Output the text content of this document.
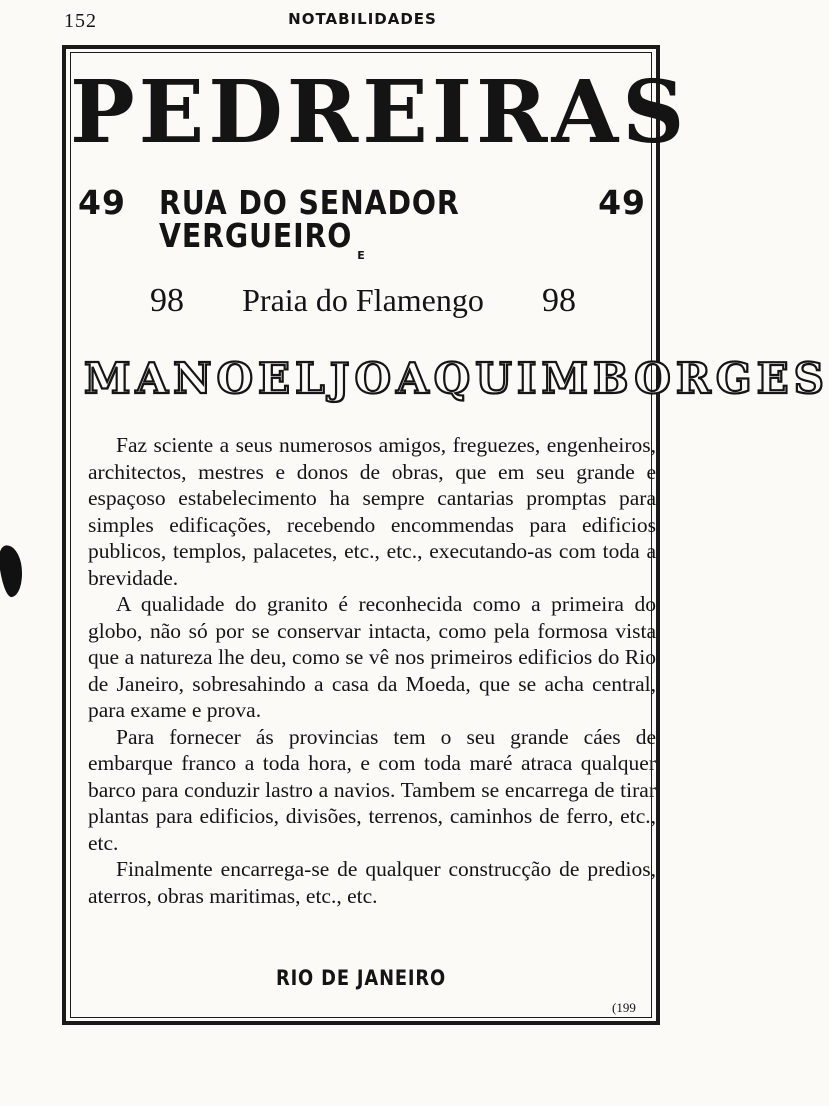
152	NOTABILIDADES
PEDREIRAS
49 RUA DO SENADOR VERGUEIRO
49
E
98 Praia do Flamengo 98
MANOEL JOAQUIM BORGES

Faz sciente a seus numerosos amigos, freguezes, engenheiros, architectos, mestres e donos de obras, que em seu grande e espaçoso estabelecimento ha sempre cantarias promptas para simples edificações, recebendo encommendas para edificios publicos, templos, palacetes, etc., etc., executando-as com toda a brevidade.

A qualidade do granito é reconhecida como a primeira do globo, não só por se conservar intacta, como pela formosa vista que a natureza lhe deu, como se vê nos primeiros edificios do Rio de Janeiro, sobresahindo a casa da Moeda, que se acha central, para exame e prova.

Para fornecer ás provincias tem o seu grande cáes de embarque franco a toda hora, e com toda maré atraca qualquer barco para conduzir lastro a navios. Tambem se encarrega de tirar plantas para edificios, divisões, terrenos, caminhos de ferro, etc., etc.

Finalmente encarrega-se de qualquer construcção de predios, aterros, obras maritimas, etc., etc.

RIO DE JANEIRO
(199
